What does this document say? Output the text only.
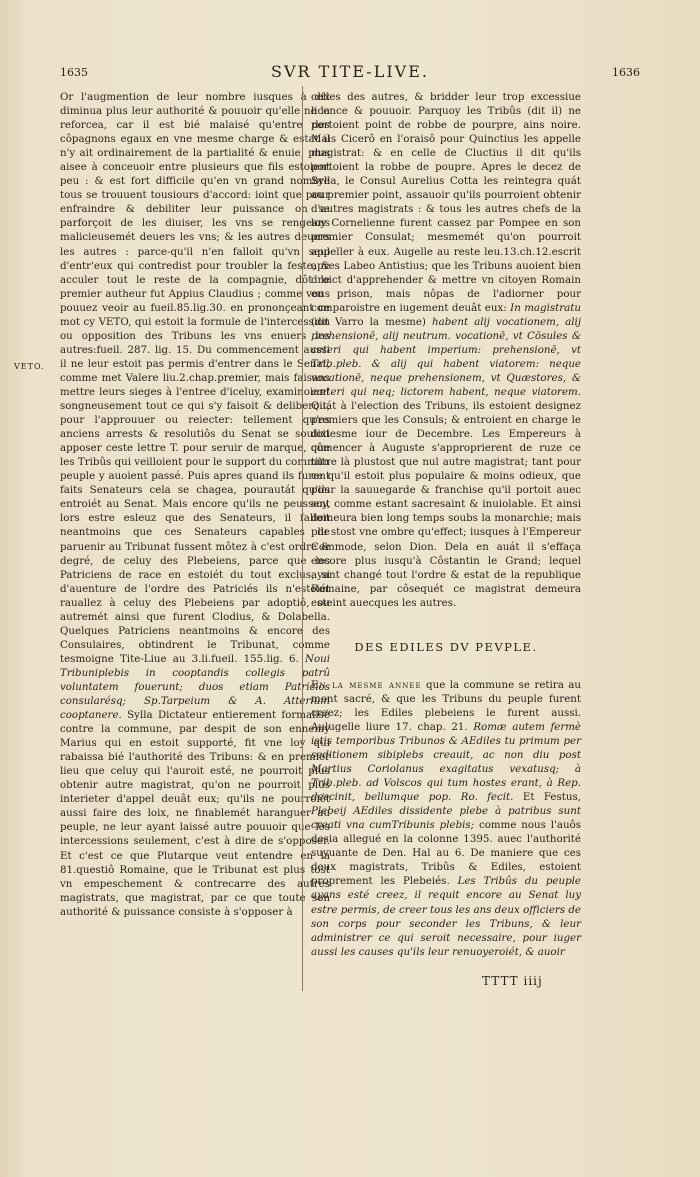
1635	SVR TITE-LIVE.	1636
VETO.

Or l'augmention de leur nombre iusques à dix diminua plus leur authorité & pouuoir qu'elle ne la reforcea, car il est bié malaisé qu'entre des côpagnons egaux en vne mesme charge & estat il n'y ait ordinairement de la partialité & enuie, plus aisee à conceuoir entre plusieurs que fils estoient peu : & est fort difficile qu'en vn grand nombre tous se trouuent tousiours d'accord: ioint que pour enfraindre & debiliter leur puissance on se parforçoit de les diuiser, les vns se rengeans malicieusemét deuers les vns; & les autres deuers les autres : parce-qu'il n'en falloit qu'vn seul d'entr'eux qui contredist pour troubler la feste, & acculer tout le reste de la compagnie, dôt le premier autheur fut Appius Claudius ; comme vous pouuez veoir au fueil.85.lig.30. en prononçeant ce mot cy VETO, qui estoit la formule de l'intercession ou opposition des Tribuns les vns enuers les autres:fueil. 287. lig. 15. Du commencement aussi il ne leur estoit pas permis d'entrer dans le Senat, comme met Valere liu.2.chap.premier, mais faisans mettre leurs sieges à l'entree d'iceluy, examinoient songneusement tout ce qui s'y faisoit & deliberoit, pour l'approuuer ou reiecter: tellement qu'es anciens arrests & resolutiôs du Senat se souloit apposer ceste lettre T. pour seruir de marque, que les Tribûs qui veilloient pour le support du commun peuple y auoient passé. Puis apres quand ils furent faits Senateurs cela se chagea, pourautát qu'ils entroiét au Senat. Mais encore qu'ils ne peussent lors estre esleuz que des Senateurs, il falloit neantmoins que ces Senateurs capables de paruenir au Tribunat fussent môtez à c'est ordre & degré, de celuy des Plebeiens, parce que les Patriciens de race en estoiét du tout exclus, si d'auenture de l'ordre des Patriciés ils n'estoiét rauallez à celuy des Plebeiens par adoptiô, ou autremét ainsi que furent Clodius, & Dolabella. Quelques Patriciens neantmoins & encore des Consulaires, obtindrent le Tribunat, comme tesmoigne Tite-Liue au 3.li.fueil. 155.lig. 6. Noui Tribuniplebis in cooptandis collegis patrû voluntatem fouerunt; duos etiam Patricios consularésq; Sp.Tarpeium & A. Atterium cooptanere. Sylla Dictateur entierement formalisé contre la commune, par despit de son ennemy Marius qui en estoit supporté, fit vne loy qui rabaissa bié l'authorité des Tribuns: & en premier lieu que celuy qui l'auroit esté, ne pourroit plus obtenir autre magistrat, qu'on ne pourroit plus interieter d'appel deuât eux; qu'ils ne pourroiét aussi faire des loix, ne finablemét haranguer au peuple, ne leur ayant laissé autre pouuoir que les intercessions seulement, c'est à dire de s'opposer. Et c'est ce que Plutarque veut entendre en la 81.questiô Romaine, que le Tribunat est plus tost vn empeschement & contrecarre des autres magistrats, que magistrat, par ce que toute son authorité & puissance consiste à s'opposer à

celles des autres, & bridder leur trop excessiue licence & pouuoir. Parquoy les Tribûs (dit il) ne portoient point de robbe de pourpre, ains noire. Mais Cicerô en l'oraisô pour Quinctius les appelle magistrat: & en celle de Cluctius il dit qu'ils portoient la robbe de poupre. Apres le decez de Sylla, le Consul Aurelius Cotta les reintegra quát au premier point, assauoir qu'ils pourroient obtenir d'autres magistrats : & tous les autres chefs de la loy Cornelienne furent cassez par Pompee en son premier Consulat; mesmemét qu'on pourroit appeller à eux. Augelle au reste leu.13.ch.12.escrit apres Labeo Antistius; que les Tribuns auoient bien droict d'apprehender & mettre vn citoyen Romain en prison, mais nôpas de l'adiorner pour comparoistre en iugement deuât eux: In magistratu (dit Varro la mesme) habent alij vocationem, alij prehensionē, alij neutrum. vocationē, vt Cōsules & ceteri qui habent imperium: prehensionē, vt Trib.pleb. & alij qui habent viatorem: neque vocationē, neque prehensionem, vt Quæstores, & cæteri qui neq; lictorem habent, neque viatorem. Quát à l'election des Tribuns, ils estoient designez premiers que les Consuls; & entroient en charge le dixiesme iour de Decembre. Les Empereurs à cômencer à Auguste s'approprierent de ruze ce tiltre là plustost que nul autre magistrat; tant pour ce qu'il estoit plus populaire & moins odieux, que pour la sauuegarde & franchise qu'il portoit auec soy, comme estant sacresaint & inuiolable. Et ainsi demeura bien long temps soubs la monarchie; mais plu stost vne ombre qu'effect; iusques à l'Empereur Commode, selon Dion. Dela en auát il s'effaça encore plus iusqu'à Côstantin le Grand; lequel ayant changé tout l'ordre & estat de la republique Romaine, par côsequét ce magistrat demeura esteint auecques les autres.

DES EDILES DV PEVPLE.

En la mesme annee que la commune se retira au mont sacré, & que les Tribuns du peuple furent creez; les Ediles plebeiens le furent aussi. Aulugelle liure 17. chap. 21. Romæ autem fermè istis temporibus Tribunos & AEdiles tu primum per seditionem sibiplebs creauit, ac non diu post Martius Coriolanus exagitatus vexatusq; à Trib.pleb. ad Volscos qui tum hostes erant, à Rep. descinit, bellumque pop. Ro. fecit. Et Festus, Plebeij AEdiles dissidente plebe à patribus sunt creati vna cumTribunis plebis; comme nous l'auôs desia allegué en la colonne 1395. auec l'authorité suyuante de Den. Hal au 6. De maniere que ces deux magistrats, Tribûs & Ediles, estoient proprement les Plebeiés. Les Tribûs du peuple ayans esté creez, il requit encore au Senat luy estre permis, de creer tous les ans deux officiers de son corps pour seconder les Tribuns, & leur administrer ce qui seroit necessaire, pour iuger aussi les causes qu'ils leur renuoyeroiét, & auoir

TTTT iiij
